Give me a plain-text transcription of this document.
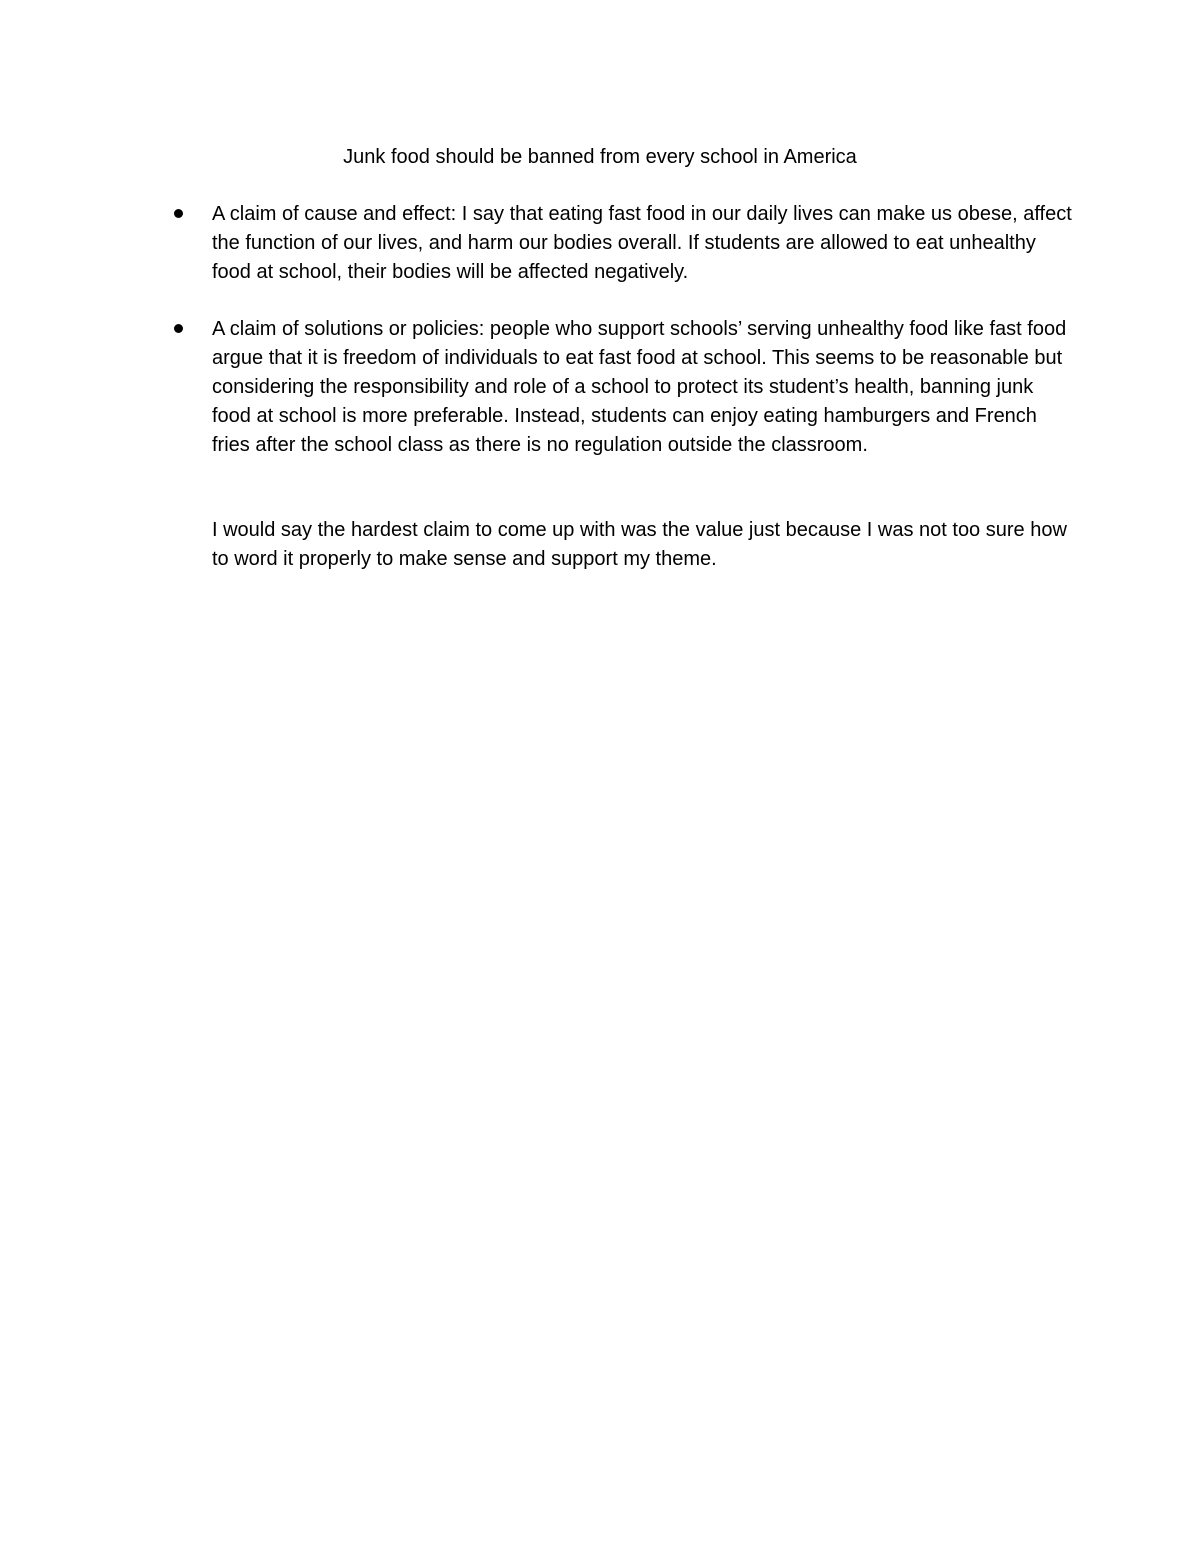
Junk food should be banned from every school in America
A claim of cause and effect: I say that eating fast food in our daily lives can make us obese, affect the function of our lives, and harm our bodies overall. If students are allowed to eat unhealthy food at school, their bodies will be affected negatively.
A claim of solutions or policies: people who support schools’ serving unhealthy food like fast food argue that it is freedom of individuals to eat fast food at school. This seems to be reasonable but considering the responsibility and role of a school to protect its student’s health, banning junk food at school is more preferable. Instead, students can enjoy eating hamburgers and French fries after the school class as there is no regulation outside the classroom.

I would say the hardest claim to come up with was the value just because I was not too sure how to word it properly to make sense and support my theme.
